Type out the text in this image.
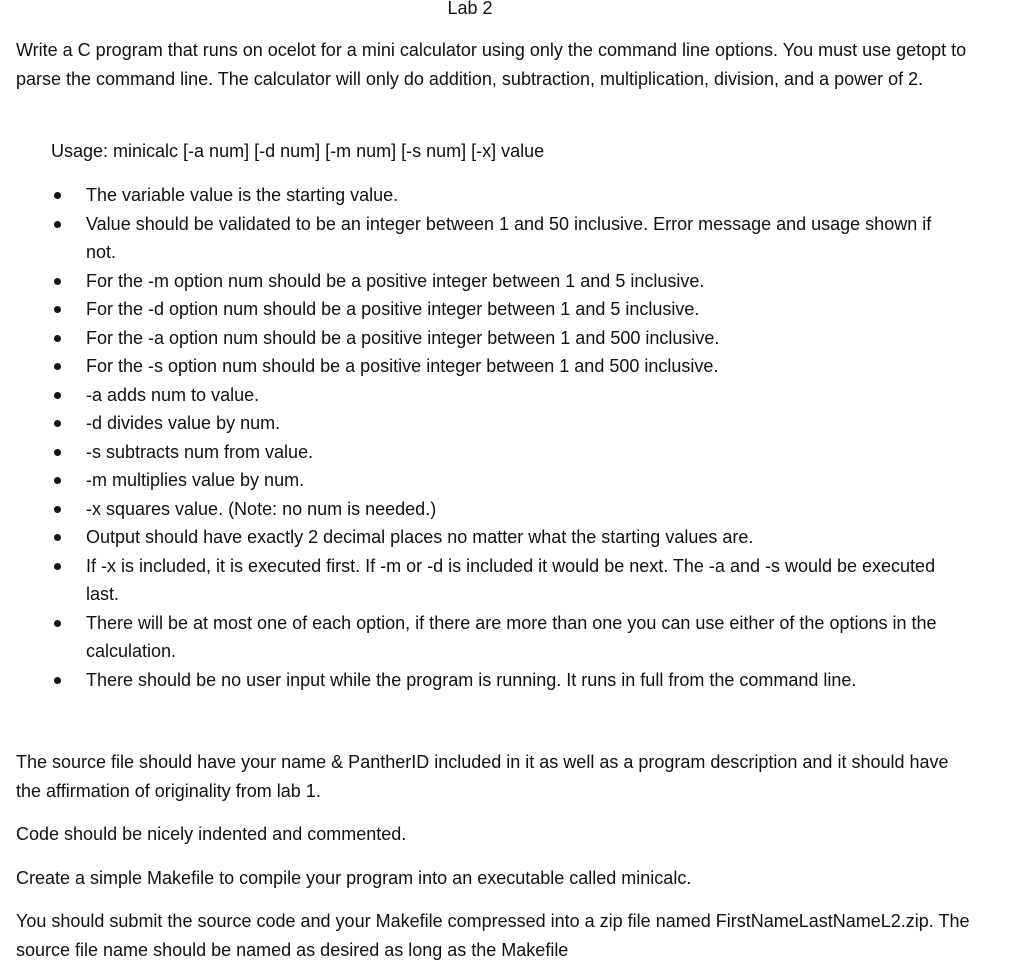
Lab 2

Write a C program that runs on ocelot for a mini calculator using only the command line options. You must use getopt to parse the command line. The calculator will only do addition, subtraction, multiplication, division, and a power of 2.

Usage: minicalc [-a num] [-d num] [-m num] [-s num] [-x] value

The variable value is the starting value.
Value should be validated to be an integer between 1 and 50 inclusive. Error message and usage shown if not.
For the -m option num should be a positive integer between 1 and 5 inclusive.
For the -d option num should be a positive integer between 1 and 5 inclusive.
For the -a option num should be a positive integer between 1 and 500 inclusive.
For the -s option num should be a positive integer between 1 and 500 inclusive.
-a adds num to value.
-d divides value by num.
-s subtracts num from value.
-m multiplies value by num.
-x squares value. (Note: no num is needed.)
Output should have exactly 2 decimal places no matter what the starting values are.
If -x is included, it is executed first. If -m or -d is included it would be next. The -a and -s would be executed last.
There will be at most one of each option, if there are more than one you can use either of the options in the calculation.
There should be no user input while the program is running. It runs in full from the command line.

The source file should have your name & PantherID included in it as well as a program description and it should have the affirmation of originality from lab 1.

Code should be nicely indented and commented.

Create a simple Makefile to compile your program into an executable called minicalc.

You should submit the source code and your Makefile compressed into a zip file named FirstNameLastNameL2.zip. The source file name should be named as desired as long as the Makefile
